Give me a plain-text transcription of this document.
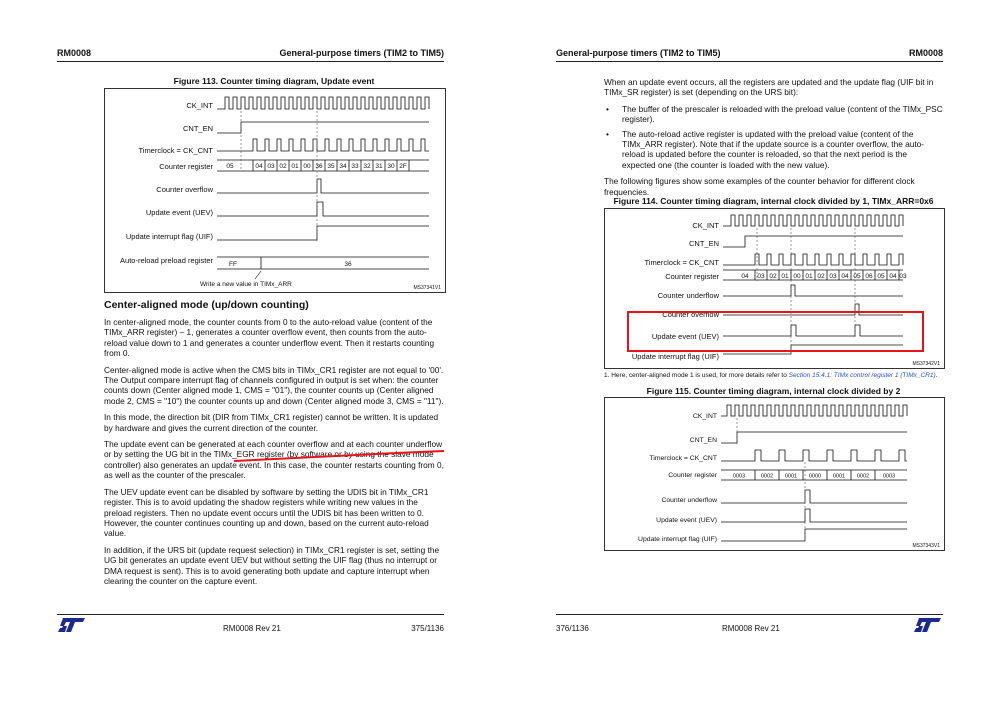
RM0008	General-purpose timers (TIM2 to TIM5)
Figure 113. Counter timing diagram, Update event
CK_INT
CNT_EN
Timerclock = CK_CNT
Counter register
Counter overflow
Update event (UEV)
Update interrupt flag (UIF)
Auto-reload preload register
05	04 03 02 01 00 36 35 34 33 32 31 30 2F
FF	36
Write a new value in TIMx_ARR	MS37341V1
Center-aligned mode (up/down counting)

In center-aligned mode, the counter counts from 0 to the auto-reload value (content of the TIMx_ARR register) – 1, generates a counter overflow event, then counts from the auto-reload value down to 1 and generates a counter underflow event. Then it restarts counting from 0.

Center-aligned mode is active when the CMS bits in TIMx_CR1 register are not equal to '00'. The Output compare interrupt flag of channels configured in output is set when: the counter counts down (Center aligned mode 1, CMS = "01"), the counter counts up (Center aligned mode 2, CMS = "10") the counter counts up and down (Center aligned mode 3, CMS = "11").

In this mode, the direction bit (DIR from TIMx_CR1 register) cannot be written. It is updated by hardware and gives the current direction of the counter.

The update event can be generated at each counter overflow and at each counter underflow or by setting the UG bit in the TIMx_EGR register (by software or by using the slave mode controller) also generates an update event. In this case, the counter restarts counting from 0, as well as the counter of the prescaler.

The UEV update event can be disabled by software by setting the UDIS bit in TIMx_CR1 register. This is to avoid updating the shadow registers while writing new values in the preload registers. Then no update event occurs until the UDIS bit has been written to 0. However, the counter continues counting up and down, based on the current auto-reload value.

In addition, if the URS bit (update request selection) in TIMx_CR1 register is set, setting the UG bit generates an update event UEV but without setting the UIF flag (thus no interrupt or DMA request is sent). This is to avoid generating both update and capture interrupt when clearing the counter on the capture event.

RM0008 Rev 21	375/1136
General-purpose timers (TIM2 to TIM5)	RM0008

When an update event occurs, all the registers are updated and the update flag (UIF bit in TIMx_SR register) is set (depending on the URS bit):

• The buffer of the prescaler is reloaded with the preload value (content of the TIMx_PSC register).
• The auto-reload active register is updated with the preload value (content of the TIMx_ARR register). Note that if the update source is a counter overflow, the auto-reload is updated before the counter is reloaded, so that the next period is the expected one (the counter is loaded with the new value).

The following figures show some examples of the counter behavior for different clock frequencies.

Figure 114. Counter timing diagram, internal clock divided by 1, TIMx_ARR=0x6
CK_INT
CNT_EN
Timerclock = CK_CNT
Counter register
Counter underflow
Counter overflow
Update event (UEV)
Update interrupt flag (UIF)
04 03 02 01 00 01 02 03 04 05 06 05 04 03
MS37342V1
1. Here, center-aligned mode 1 is used, for more details refer to Section 15.4.1: TIMx control register 1 (TIMx_CR1).
Figure 115. Counter timing diagram, internal clock divided by 2
CK_INT
CNT_EN
Timerclock = CK_CNT
Counter register
Counter underflow
Update event (UEV)
Update interrupt flag (UIF)
0003	0002 0001 0000 0001 0002	0003
MS37343V1
376/1136	RM0008 Rev 21
